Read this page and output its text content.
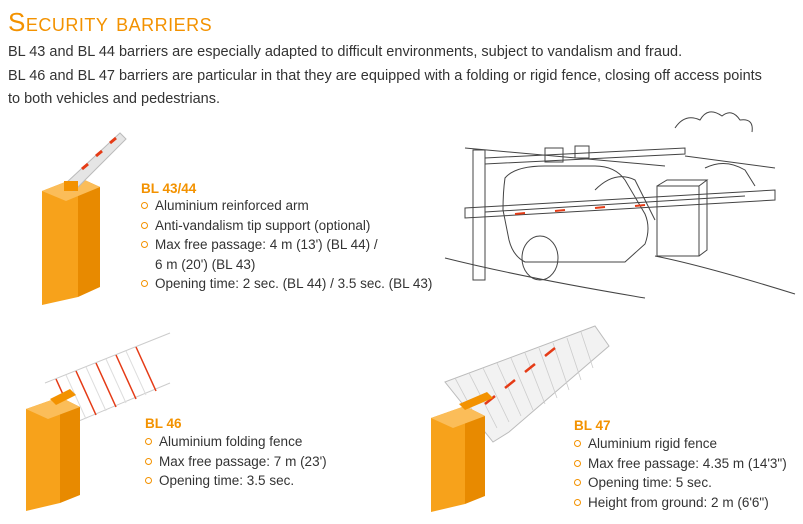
Security barriers
BL 43 and BL 44 barriers are especially adapted to difficult environments, subject to vandalism and fraud.
BL 46 and BL 47 barriers are particular in that they are equipped with a folding or rigid fence, closing off access points
to both vehicles and pedestrians.
BL 43/44
Aluminium reinforced arm
Anti-vandalism tip support (optional)
Max free passage: 4 m (13') (BL 44) /
6 m (20') (BL 43)
Opening time: 2 sec. (BL 44) / 3.5 sec. (BL 43)
BL 46
Aluminium folding fence
Max free passage: 7 m (23')
Opening time: 3.5 sec.
BL 47
Aluminium rigid fence
Max free passage: 4.35 m (14'3")
Opening time: 5 sec.
Height from ground: 2 m (6'6")
